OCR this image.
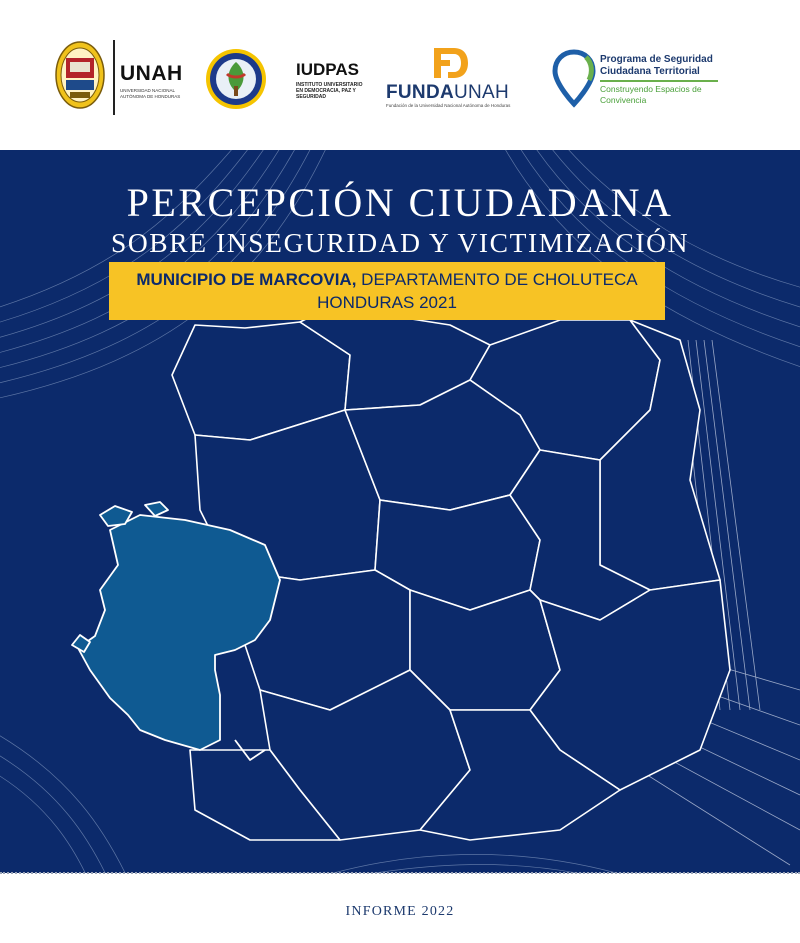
UNAH
UNIVERSIDAD NACIONAL AUTÓNOMA DE HONDURAS
IUDPAS
INSTITUTO UNIVERSITARIO EN DEMOCRACIA, PAZ Y SEGURIDAD	FUNDAUNAH
Fundación de la Universidad Nacional Autónoma de Honduras
Programa de Seguridad Ciudadana Territorial
Construyendo Espacios de Convivencia
PERCEPCIÓN CIUDADANA
SOBRE INSEGURIDAD Y VICTIMIZACIÓN
MUNICIPIO DE MARCOVIA, DEPARTAMENTO DE CHOLUTECA
HONDURAS 2021
INFORME 2022
